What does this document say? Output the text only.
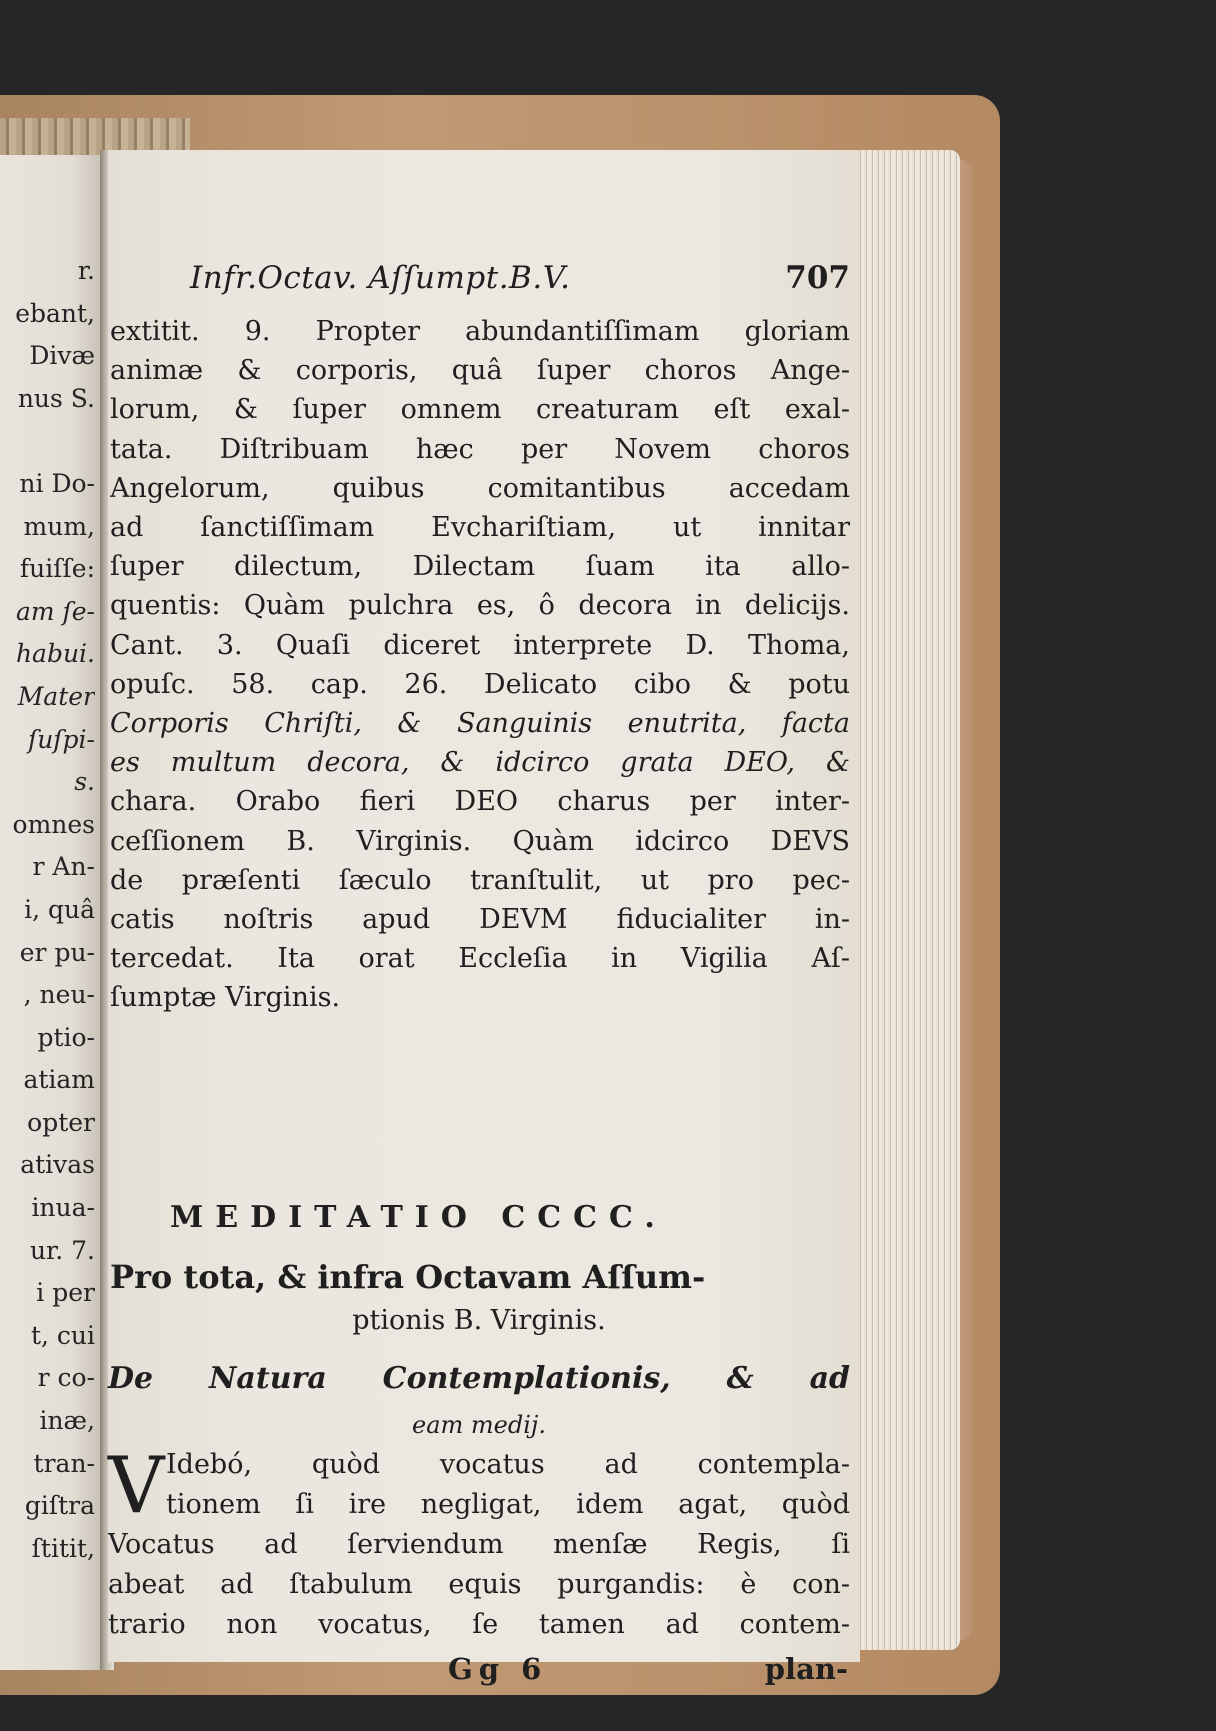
r.
ebant,
Divæ
nus S.

ni Do-
mum,
fuiſſe:
am ſe-
habui.
Mater
ſuſpi-
s.
omnes
r An-
i, quâ
er pu-
, neu-
ptio-
atiam
opter
ativas
inua-
ur. 7.
i per
t, cui
r co-
inæ,
tran-
giſtra
ſtitit,
Infr.Octav. Aſſumpt.B.V.	707
extitit. 9. Propter abundantiſſimam gloriam
animæ & corporis, quâ ſuper choros Ange-
lorum, & ſuper omnem creaturam eſt exal-
tata. Diſtribuam hæc per Novem choros
Angelorum, quibus comitantibus accedam
ad ſanctiſſimam Evchariſtiam, ut innitar
ſuper dilectum, Dilectam ſuam ita allo-
quentis: Quàm pulchra es, ô decora in delicijs.
Cant. 3. Quaſi diceret interprete D. Thoma,
opuſc. 58. cap. 26. Delicato cibo & potu
Corporis Chriſti, & Sanguinis enutrita, facta
es multum decora, & idcirco grata DEO, &
chara. Orabo fieri DEO charus per inter-
ceſſionem B. Virginis. Quàm idcirco DEVS
de præſenti ſæculo tranſtulit, ut pro pec-
catis noſtris apud DEVM fiducialiter in-
tercedat. Ita orat Eccleſia in Vigilia Aſ-
ſumptæ Virginis.
MEDITATIO CCCC.
Pro tota, & infra Octavam Aſſum-
ptionis B. Virginis.
De Natura Contemplationis, & ad
eam medij.
V Idebó, quòd vocatus ad contempla-
tionem ſi ire negligat, idem agat, quòd
Vocatus ad ſerviendum menſæ Regis, ſi
abeat ad ſtabulum equis purgandis: è con-
trario non vocatus, ſe tamen ad contem-
Gg 6	plan-
